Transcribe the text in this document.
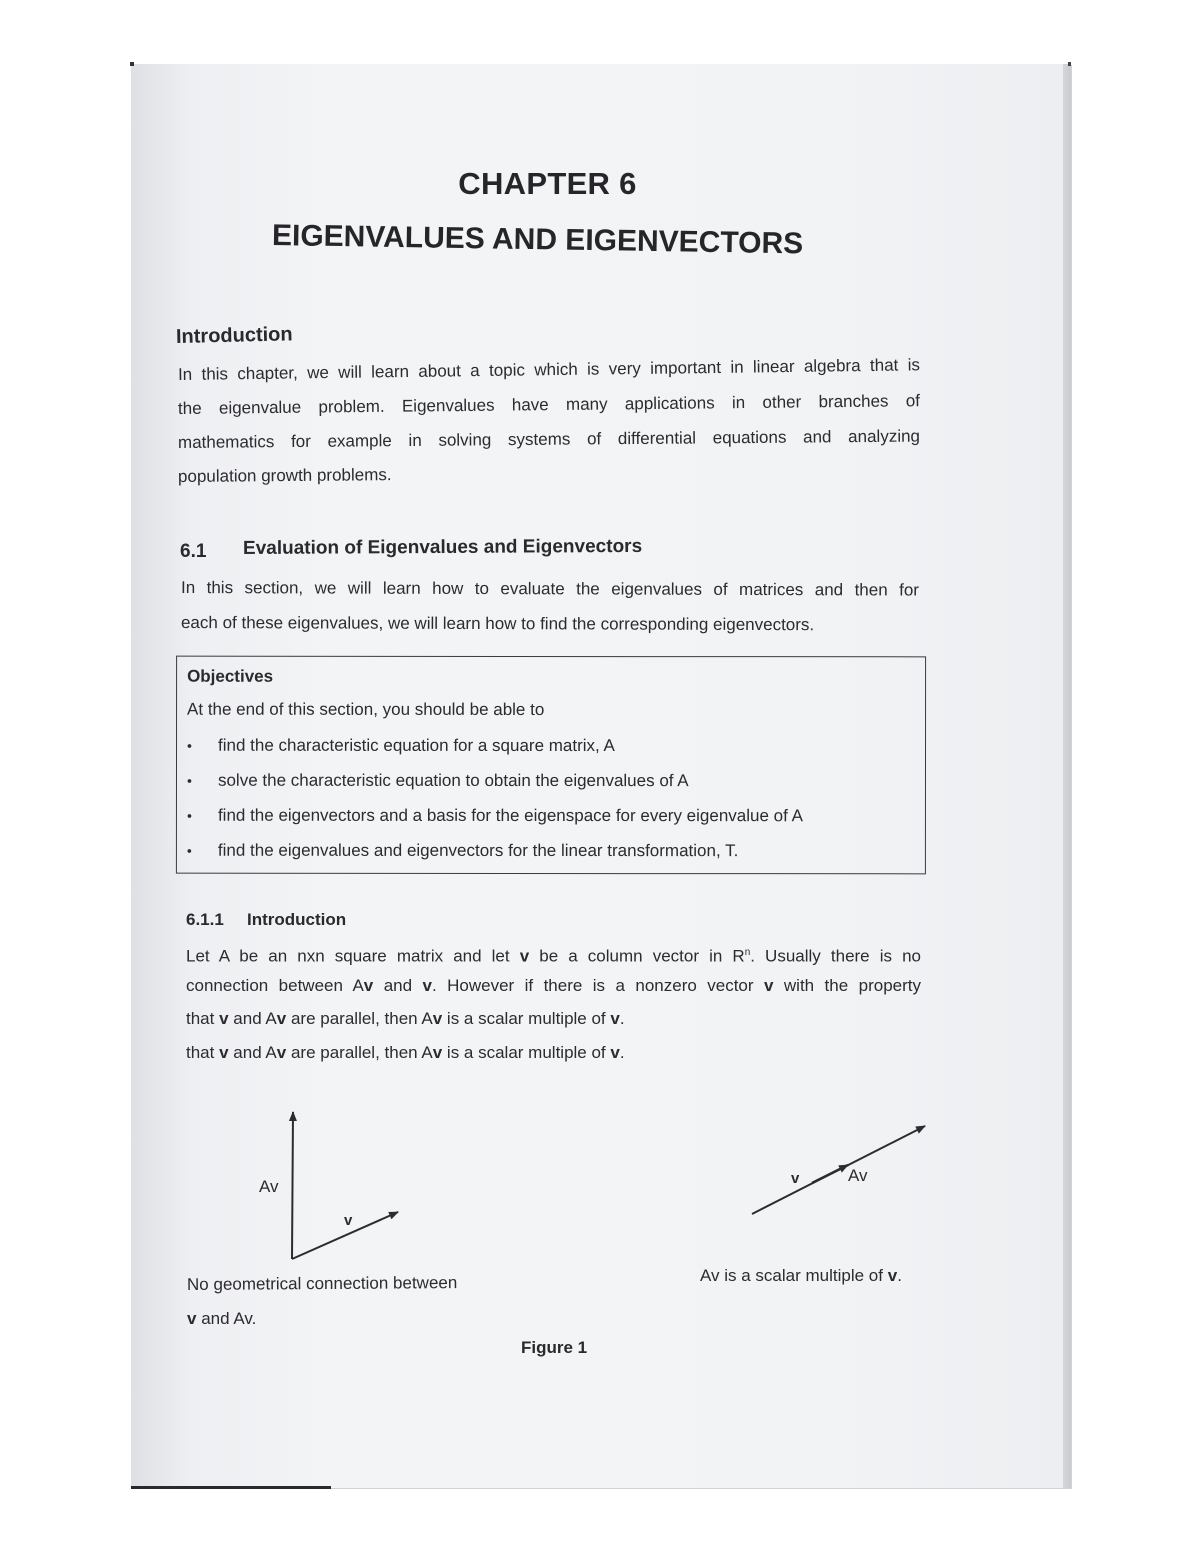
CHAPTER 6
EIGENVALUES AND EIGENVECTORS
Introduction
In this chapter, we will learn about a topic which is very important in linear algebra that is
the eigenvalue problem. Eigenvalues have many applications in other branches of
mathematics for example in solving systems of differential equations and analyzing
population growth problems.
6.1 Evaluation of Eigenvalues and Eigenvectors
In this section, we will learn how to evaluate the eigenvalues of matrices and then for
each of these eigenvalues, we will learn how to find the corresponding eigenvectors.
Objectives
At the end of this section, you should be able to
• find the characteristic equation for a square matrix, A
• solve the characteristic equation to obtain the eigenvalues of A
• find the eigenvectors and a basis for the eigenspace for every eigenvalue of A
• find the eigenvalues and eigenvectors for the linear transformation, T.
6.1.1 Introduction
Let A be an nxn square matrix and let v be a column vector in $R^n$. Usually there is no
connection between Av and v. However if there is a nonzero vector v with the property
that v and Av are parallel, then Av is a scalar multiple of v.
that v and Av are parallel, then Av is a scalar multiple of v.
Av
v
v	Av
No geometrical connection between
v and Av.
Av is a scalar multiple of v.
Figure 1
